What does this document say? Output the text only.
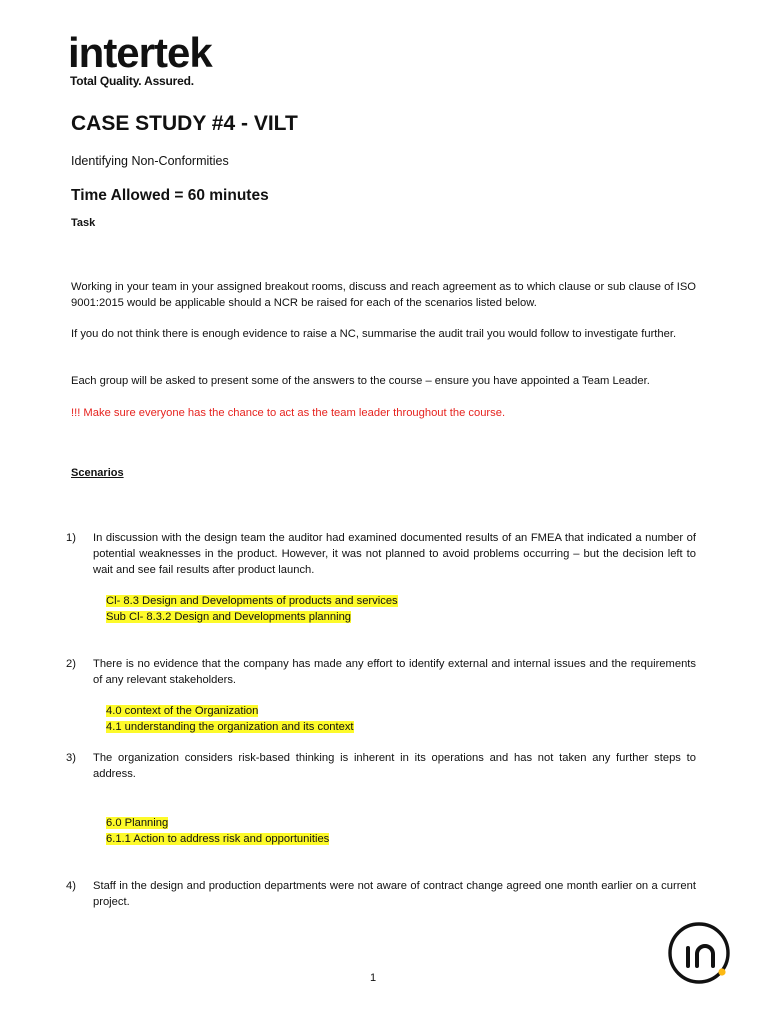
intertek
Total Quality. Assured.
CASE STUDY #4 - VILT
Identifying Non-Conformities
Time Allowed = 60 minutes
Task
Working in your team in your assigned breakout rooms, discuss and reach agreement as to which clause or sub clause of ISO 9001:2015 would be applicable should a NCR be raised for each of the scenarios listed below.
If you do not think there is enough evidence to raise a NC, summarise the audit trail you would follow to investigate further.
Each group will be asked to present some of the answers to the course – ensure you have appointed a Team Leader.
!!! Make sure everyone has the chance to act as the team leader throughout the course.
Scenarios
1) In discussion with the design team the auditor had examined documented results of an FMEA that indicated a number of potential weaknesses in the product. However, it was not planned to avoid problems occurring – but the decision left to wait and see fail results after product launch.
Cl- 8.3 Design and Developments of products and services
Sub Cl- 8.3.2 Design and Developments planning
2) There is no evidence that the company has made any effort to identify external and internal issues and the requirements of any relevant stakeholders.
4.0 context of the Organization
4.1 understanding the organization and its context
3) The organization considers risk-based thinking is inherent in its operations and has not taken any further steps to address.
6.0 Planning
6.1.1 Action to address risk and opportunities
4) Staff in the design and production departments were not aware of contract change agreed one month earlier on a current project.
1
